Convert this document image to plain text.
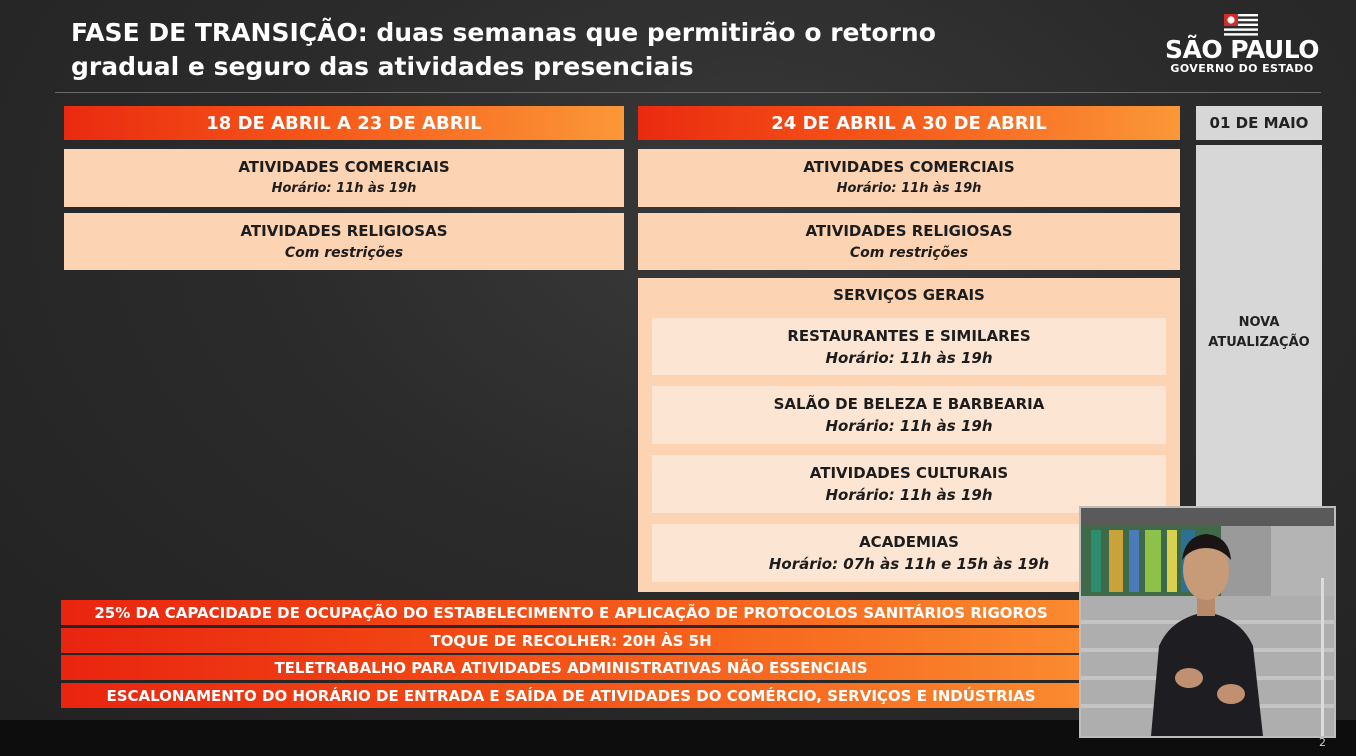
FASE DE TRANSIÇÃO: duas semanas que permitirão o retorno gradual e seguro das atividades presenciais
SÃO PAULO
GOVERNO DO ESTADO
18 DE ABRIL A 23 DE ABRIL
ATIVIDADES COMERCIAIS
Horário: 11h às 19h
ATIVIDADES RELIGIOSAS
Com restrições
24 DE ABRIL A 30 DE ABRIL
ATIVIDADES COMERCIAIS
Horário: 11h às 19h
ATIVIDADES RELIGIOSAS
Com restrições
SERVIÇOS GERAIS
RESTAURANTES E SIMILARES
Horário: 11h às 19h
SALÃO DE BELEZA E BARBEARIA
Horário: 11h às 19h
ATIVIDADES CULTURAIS
Horário: 11h às 19h
ACADEMIAS
Horário: 07h às 11h e 15h às 19h
01 DE MAIO
NOVA ATUALIZAÇÃO
25% DA CAPACIDADE DE OCUPAÇÃO DO ESTABELECIMENTO E APLICAÇÃO DE PROTOCOLOS SANITÁRIOS RIGOROS
TOQUE DE RECOLHER: 20H ÀS 5H
TELETRABALHO PARA ATIVIDADES ADMINISTRATIVAS NÃO ESSENCIAIS
ESCALONAMENTO DO HORÁRIO DE ENTRADA E SAÍDA DE ATIVIDADES DO COMÉRCIO, SERVIÇOS E INDÚSTRIAS
2
